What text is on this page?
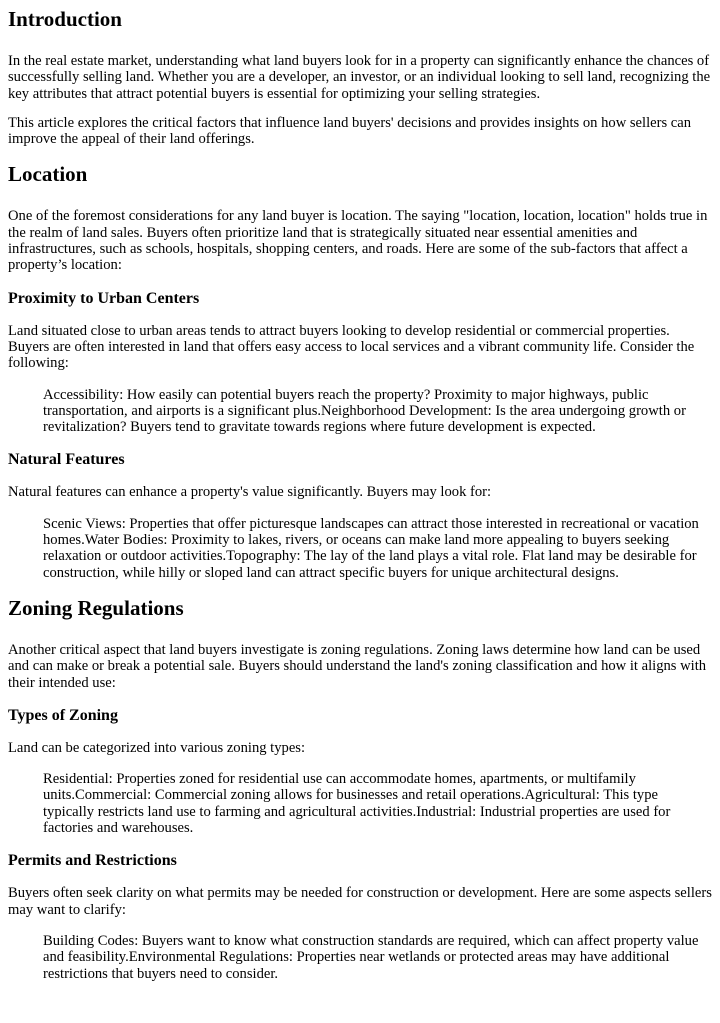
Introduction

In the real estate market, understanding what land buyers look for in a property can significantly enhance the chances of successfully selling land. Whether you are a developer, an investor, or an individual looking to sell land, recognizing the key attributes that attract potential buyers is essential for optimizing your selling strategies.

This article explores the critical factors that influence land buyers' decisions and provides insights on how sellers can improve the appeal of their land offerings.

Location

One of the foremost considerations for any land buyer is location. The saying "location, location, location" holds true in the realm of land sales. Buyers often prioritize land that is strategically situated near essential amenities and infrastructures, such as schools, hospitals, shopping centers, and roads. Here are some of the sub-factors that affect a property’s location:

Proximity to Urban Centers

Land situated close to urban areas tends to attract buyers looking to develop residential or commercial properties. Buyers are often interested in land that offers easy access to local services and a vibrant community life. Consider the following:

Accessibility: How easily can potential buyers reach the property? Proximity to major highways, public transportation, and airports is a significant plus.Neighborhood Development: Is the area undergoing growth or revitalization? Buyers tend to gravitate towards regions where future development is expected.
Natural Features

Natural features can enhance a property's value significantly. Buyers may look for:

Scenic Views: Properties that offer picturesque landscapes can attract those interested in recreational or vacation homes.Water Bodies: Proximity to lakes, rivers, or oceans can make land more appealing to buyers seeking relaxation or outdoor activities.Topography: The lay of the land plays a vital role. Flat land may be desirable for construction, while hilly or sloped land can attract specific buyers for unique architectural designs.
Zoning Regulations

Another critical aspect that land buyers investigate is zoning regulations. Zoning laws determine how land can be used and can make or break a potential sale. Buyers should understand the land's zoning classification and how it aligns with their intended use:

Types of Zoning

Land can be categorized into various zoning types:

Residential: Properties zoned for residential use can accommodate homes, apartments, or multifamily units.Commercial: Commercial zoning allows for businesses and retail operations.Agricultural: This type typically restricts land use to farming and agricultural activities.Industrial: Industrial properties are used for factories and warehouses.
Permits and Restrictions

Buyers often seek clarity on what permits may be needed for construction or development. Here are some aspects sellers may want to clarify:

Building Codes: Buyers want to know what construction standards are required, which can affect property value and feasibility.Environmental Regulations: Properties near wetlands or protected areas may have additional restrictions that buyers need to consider.
